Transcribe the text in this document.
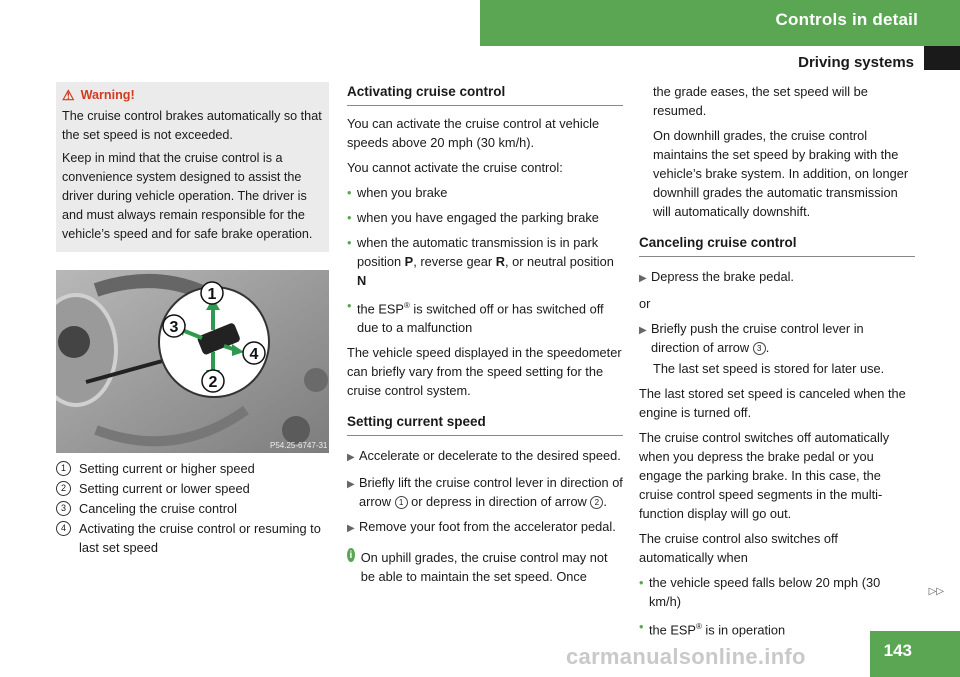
Controls in detail
Driving systems
⚠ Warning!

The cruise control brakes automatically so that the set speed is not exceeded.

Keep in mind that the cruise control is a convenience system designed to assist the driver during vehicle operation. The driver is and must always remain responsible for the vehicle’s speed and for safe brake operation.

1
2
3
4
P54.25-6747-31
1	Setting current or higher speed
2	Setting current or lower speed
3	Canceling the cruise control
4	Activating the cruise control or resuming to last set speed
Activating cruise control

You can activate the cruise control at vehicle speeds above 20 mph (30 km/h).

You cannot activate the cruise control:

• when you brake
• when you have engaged the parking brake
• when the automatic transmission is in park position P, reverse gear R, or neutral position N
• the ESP® is switched off or has switched off due to a malfunction

The vehicle speed displayed in the speedometer can briefly vary from the speed setting for the cruise control system.

Setting current speed
▶ Accelerate or decelerate to the desired speed.
▶ Briefly lift the cruise control lever in direction of arrow 1 or depress in direction of arrow 2 .
▶ Remove your foot from the accelerator pedal.
i On uphill grades, the cruise control may not be able to maintain the set speed. Once

the grade eases, the set speed will be resumed.

On downhill grades, the cruise control maintains the set speed by braking with the vehicle’s brake system. In addition, on longer downhill grades the automatic transmission will automatically downshift.

Canceling cruise control
▶ Depress the brake pedal.

or

▶ Briefly push the cruise control lever in direction of arrow 3 .

The last set speed is stored for later use.

The last stored set speed is canceled when the engine is turned off.

The cruise control switches off automatically when you depress the brake pedal or you engage the parking brake. In this case, the cruise control speed segments in the multi-function display will go out.

The cruise control also switches off automatically when

• the vehicle speed falls below 20 mph (30 km/h)
• the ESP® is in operation
▷▷
carmanualsonline.info	143
